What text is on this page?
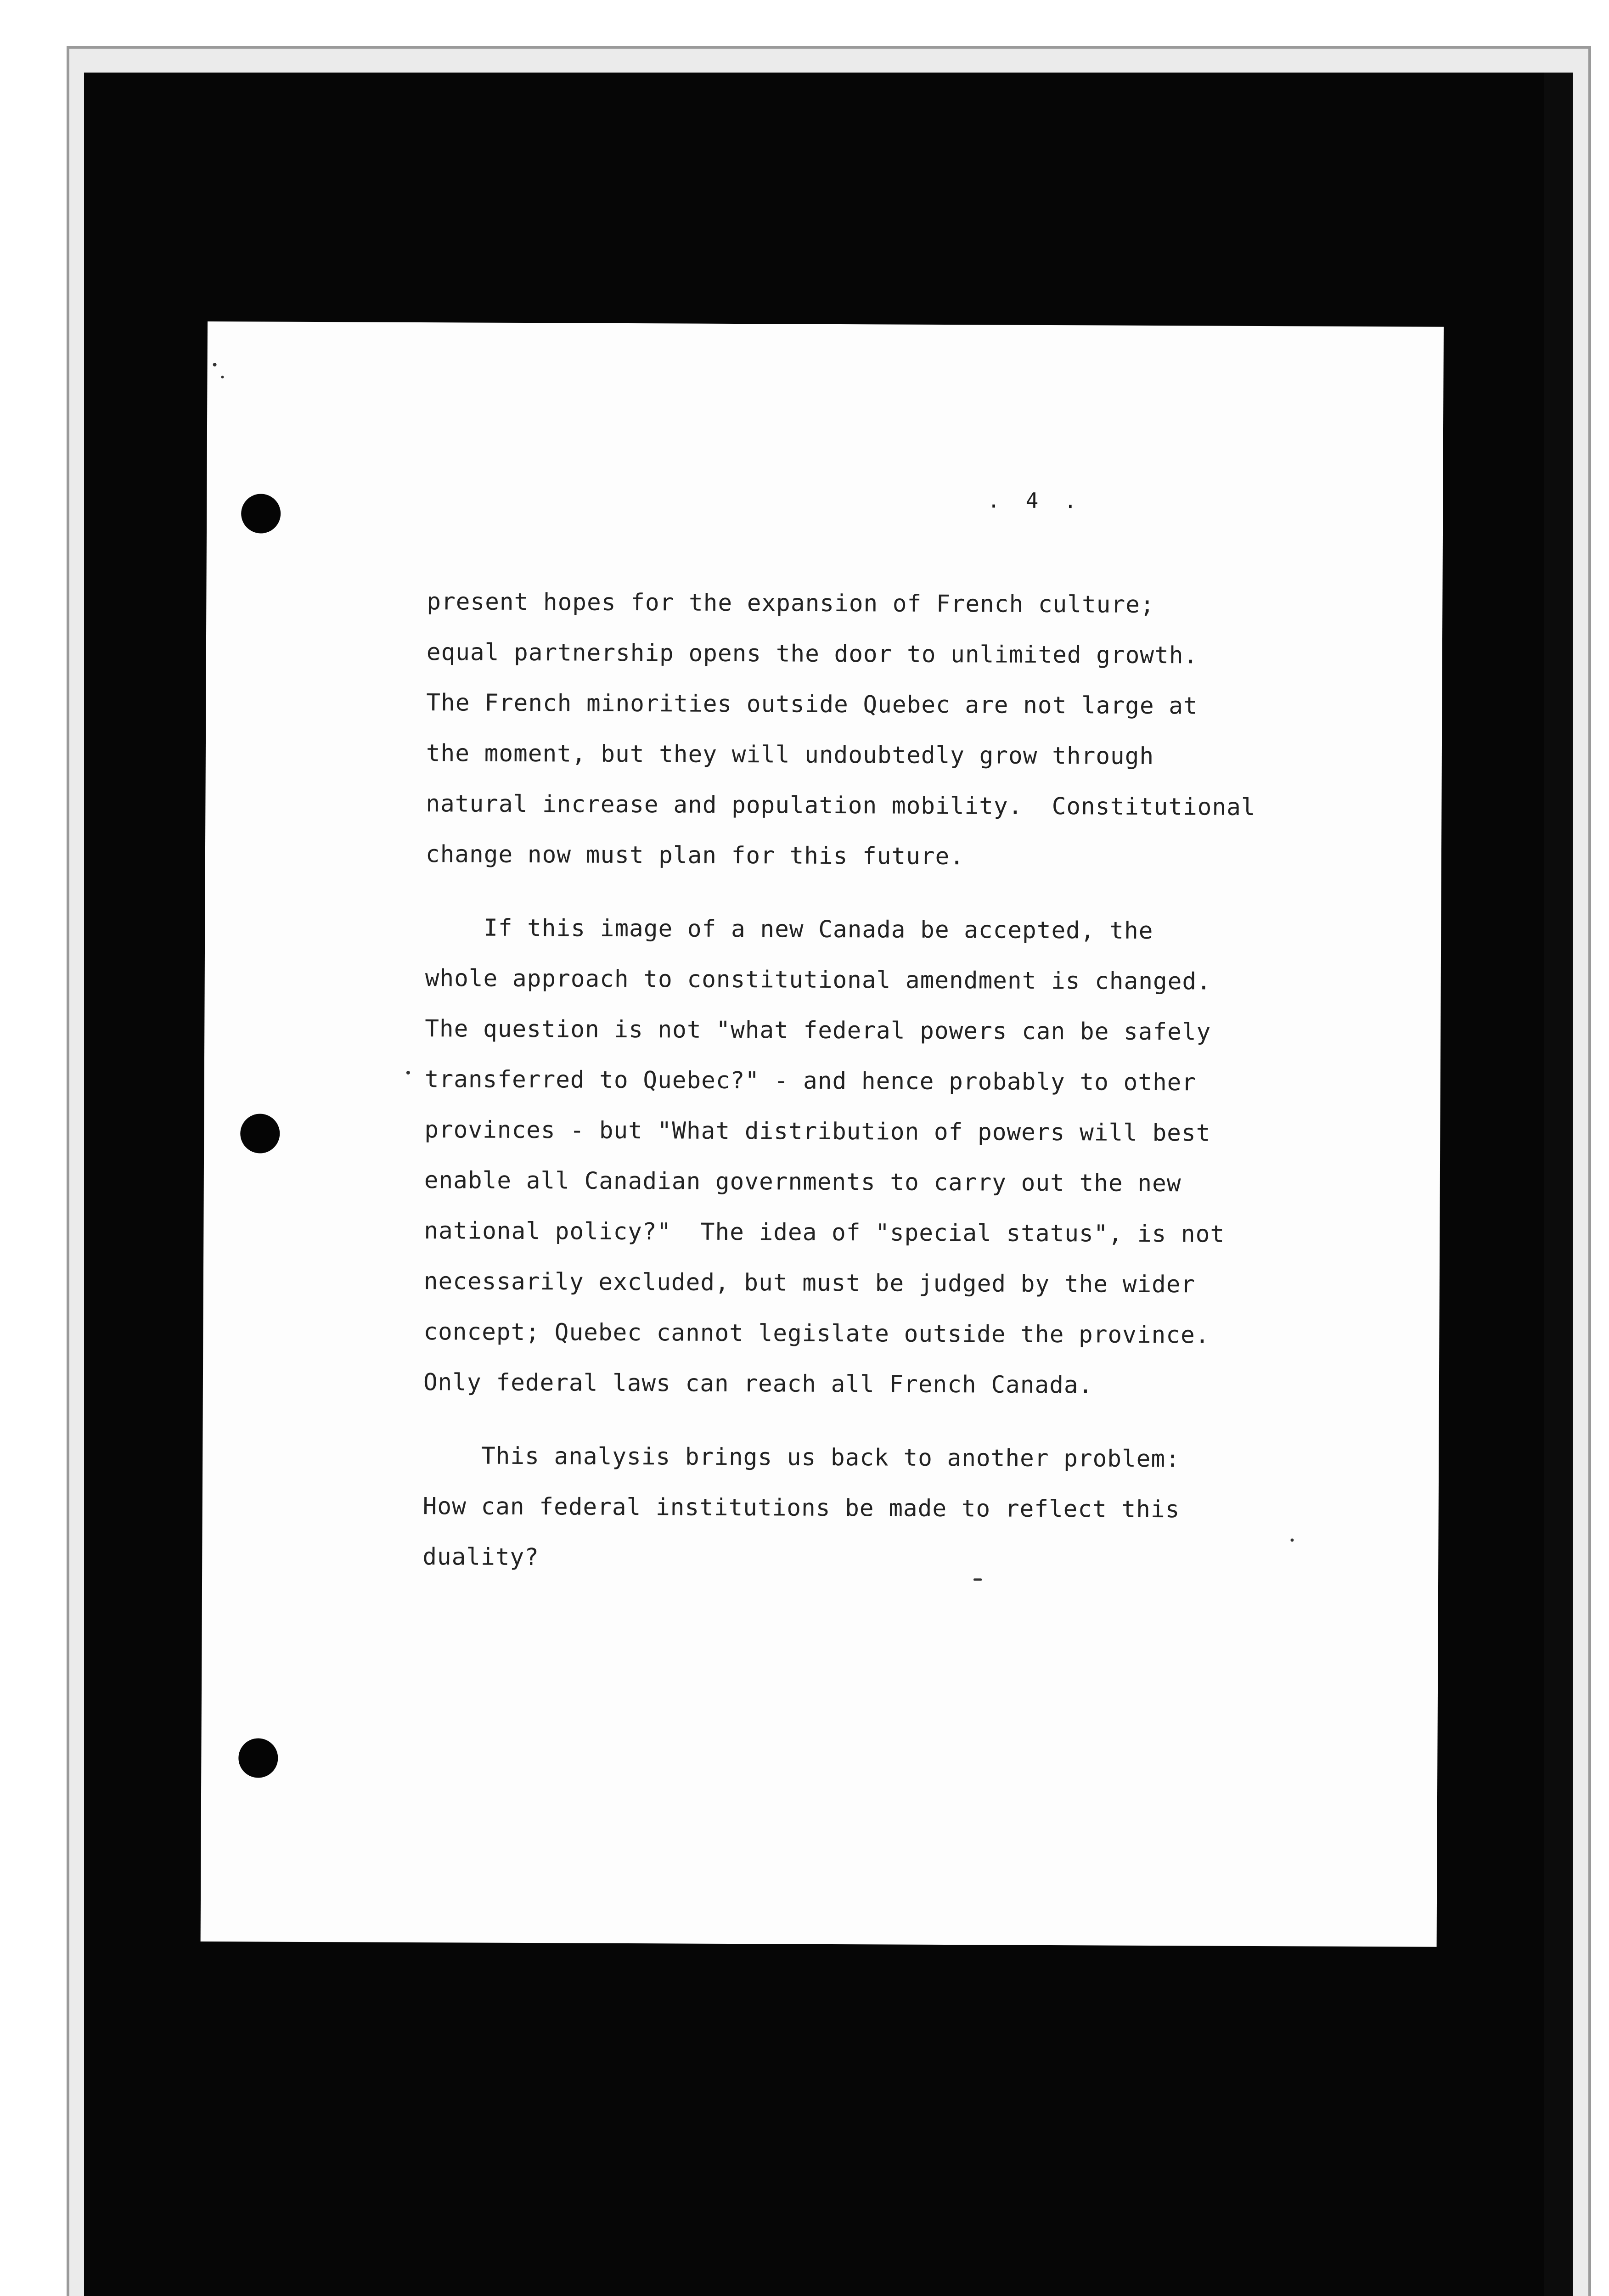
. 4 .
present hopes for the expansion of French culture;
equal partnership opens the door to unlimited growth.
The French minorities outside Quebec are not large at
the moment, but they will undoubtedly grow through
natural increase and population mobility.  Constitutional
change now must plan for this future.
If this image of a new Canada be accepted, the
whole approach to constitutional amendment is changed.
The question is not "what federal powers can be safely
transferred to Quebec?" - and hence probably to other
provinces - but "What distribution of powers will best
enable all Canadian governments to carry out the new
national policy?"  The idea of "special status", is not
necessarily excluded, but must be judged by the wider
concept; Quebec cannot legislate outside the province.
Only federal laws can reach all French Canada.
This analysis brings us back to another problem:
How can federal institutions be made to reflect this
duality?
